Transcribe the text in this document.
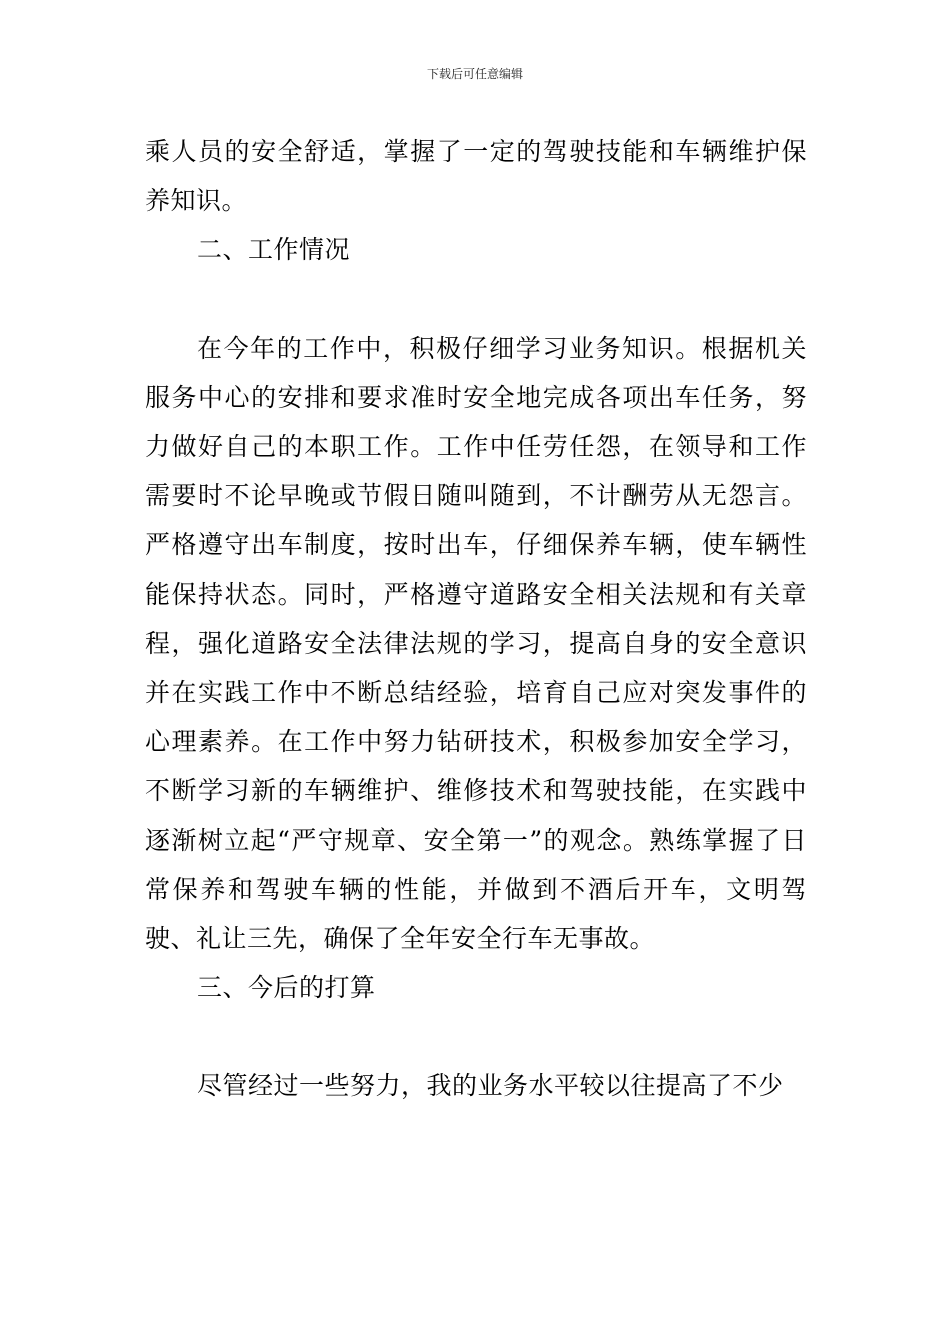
下载后可任意编辑

乘人员的安全舒适，掌握了一定的驾驶技能和车辆维护保养知识。

二、工作情况

在今年的工作中，积极仔细学习业务知识。根据机关服务中心的安排和要求准时安全地完成各项出车任务，努力做好自己的本职工作。工作中任劳任怨，在领导和工作需要时不论早晚或节假日随叫随到，不计酬劳从无怨言。严格遵守出车制度，按时出车，仔细保养车辆，使车辆性能保持状态。同时，严格遵守道路安全相关法规和有关章程，强化道路安全法律法规的学习，提高自身的安全意识并在实践工作中不断总结经验，培育自己应对突发事件的心理素养。在工作中努力钻研技术，积极参加安全学习，不断学习新的车辆维护、维修技术和驾驶技能，在实践中逐渐树立起“严守规章、安全第一”的观念。熟练掌握了日常保养和驾驶车辆的性能，并做到不酒后开车，文明驾驶、礼让三先，确保了全年安全行车无事故。

三、今后的打算

尽管经过一些努力，我的业务水平较以往提高了不少
